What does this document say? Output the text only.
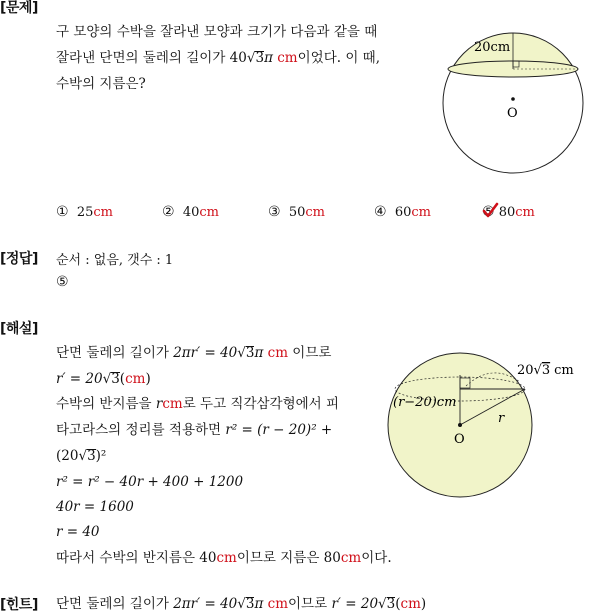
[문제]
[정답]
[해설]
[힌트]
구 모양의 수박을 잘라낸 모양과 크기가 다음과 같을 때
잘라낸 단면의 둘레의 길이가 40√3π cm이었다. 이 때,
수박의 지름은?
20cm
O
① 25cm	② 40cm	③ 50cm	④ 60cm	⑤ 80cm
순서 : 없음, 갯수 : 1
⑤
단면 둘레의 길이가 2πr′ = 40√3π cm 이므로
r′ = 20√3(cm)
수박의 반지름을 rcm로 두고 직각삼각형에서 피
타고라스의 정리를 적용하면 r² = (r − 20)² +
(20√3)²
r² = r² − 40r + 400 + 1200
40r = 1600
r = 40
따라서 수박의 반지름은 40cm이므로 지름은 80cm이다.
20√3 cm
(r−20)cm
r
O
단면 둘레의 길이가 2πr′ = 40√3π cm이므로 r′ = 20√3(cm)
